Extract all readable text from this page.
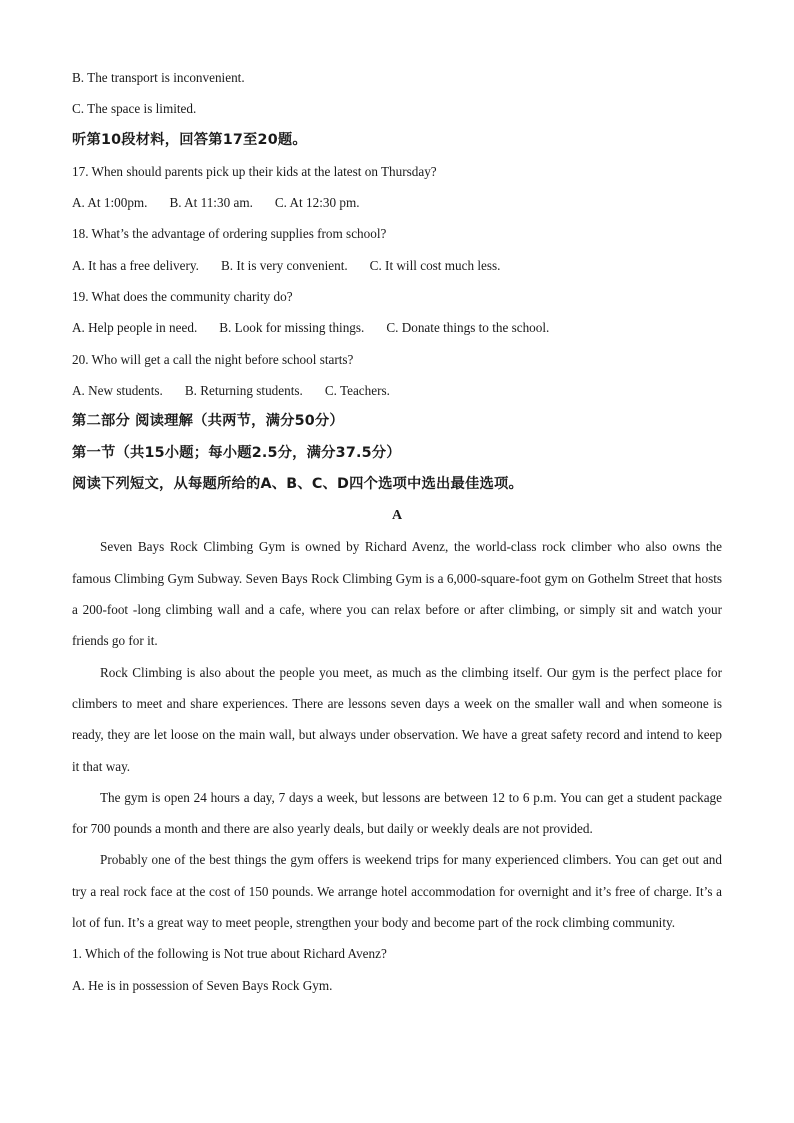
B. The transport is inconvenient.
C. The space is limited.
听第10段材料，回答第17至20题。
17. When should parents pick up their kids at the latest on Thursday?
A. At 1:00pm. B. At 11:30 am. C. At 12:30 pm.
18. What’s the advantage of ordering supplies from school?
A. It has a free delivery. B. It is very convenient. C. It will cost much less.
19. What does the community charity do?
A. Help people in need. B. Look for missing things. C. Donate things to the school.
20. Who will get a call the night before school starts?
A. New students. B. Returning students. C. Teachers.
第二部分 阅读理解（共两节，满分50分）
第一节（共15小题；每小题2.5分，满分37.5分）
阅读下列短文，从每题所给的A、B、C、D四个选项中选出最佳选项。
A

Seven Bays Rock Climbing Gym is owned by Richard Avenz, the world-class rock climber who also owns the famous Climbing Gym Subway. Seven Bays Rock Climbing Gym is a 6,000-square-foot gym on Gothelm Street that hosts a 200-foot -long climbing wall and a cafe, where you can relax before or after climbing, or simply sit and watch your friends go for it.

Rock Climbing is also about the people you meet, as much as the climbing itself. Our gym is the perfect place for climbers to meet and share experiences. There are lessons seven days a week on the smaller wall and when someone is ready, they are let loose on the main wall, but always under observation. We have a great safety record and intend to keep it that way.

The gym is open 24 hours a day, 7 days a week, but lessons are between 12 to 6 p.m. You can get a student package for 700 pounds a month and there are also yearly deals, but daily or weekly deals are not provided.

Probably one of the best things the gym offers is weekend trips for many experienced climbers. You can get out and try a real rock face at the cost of 150 pounds. We arrange hotel accommodation for overnight and it’s free of charge. It’s a lot of fun. It’s a great way to meet people, strengthen your body and become part of the rock climbing community.

1. Which of the following is Not true about Richard Avenz?
A. He is in possession of Seven Bays Rock Gym.
